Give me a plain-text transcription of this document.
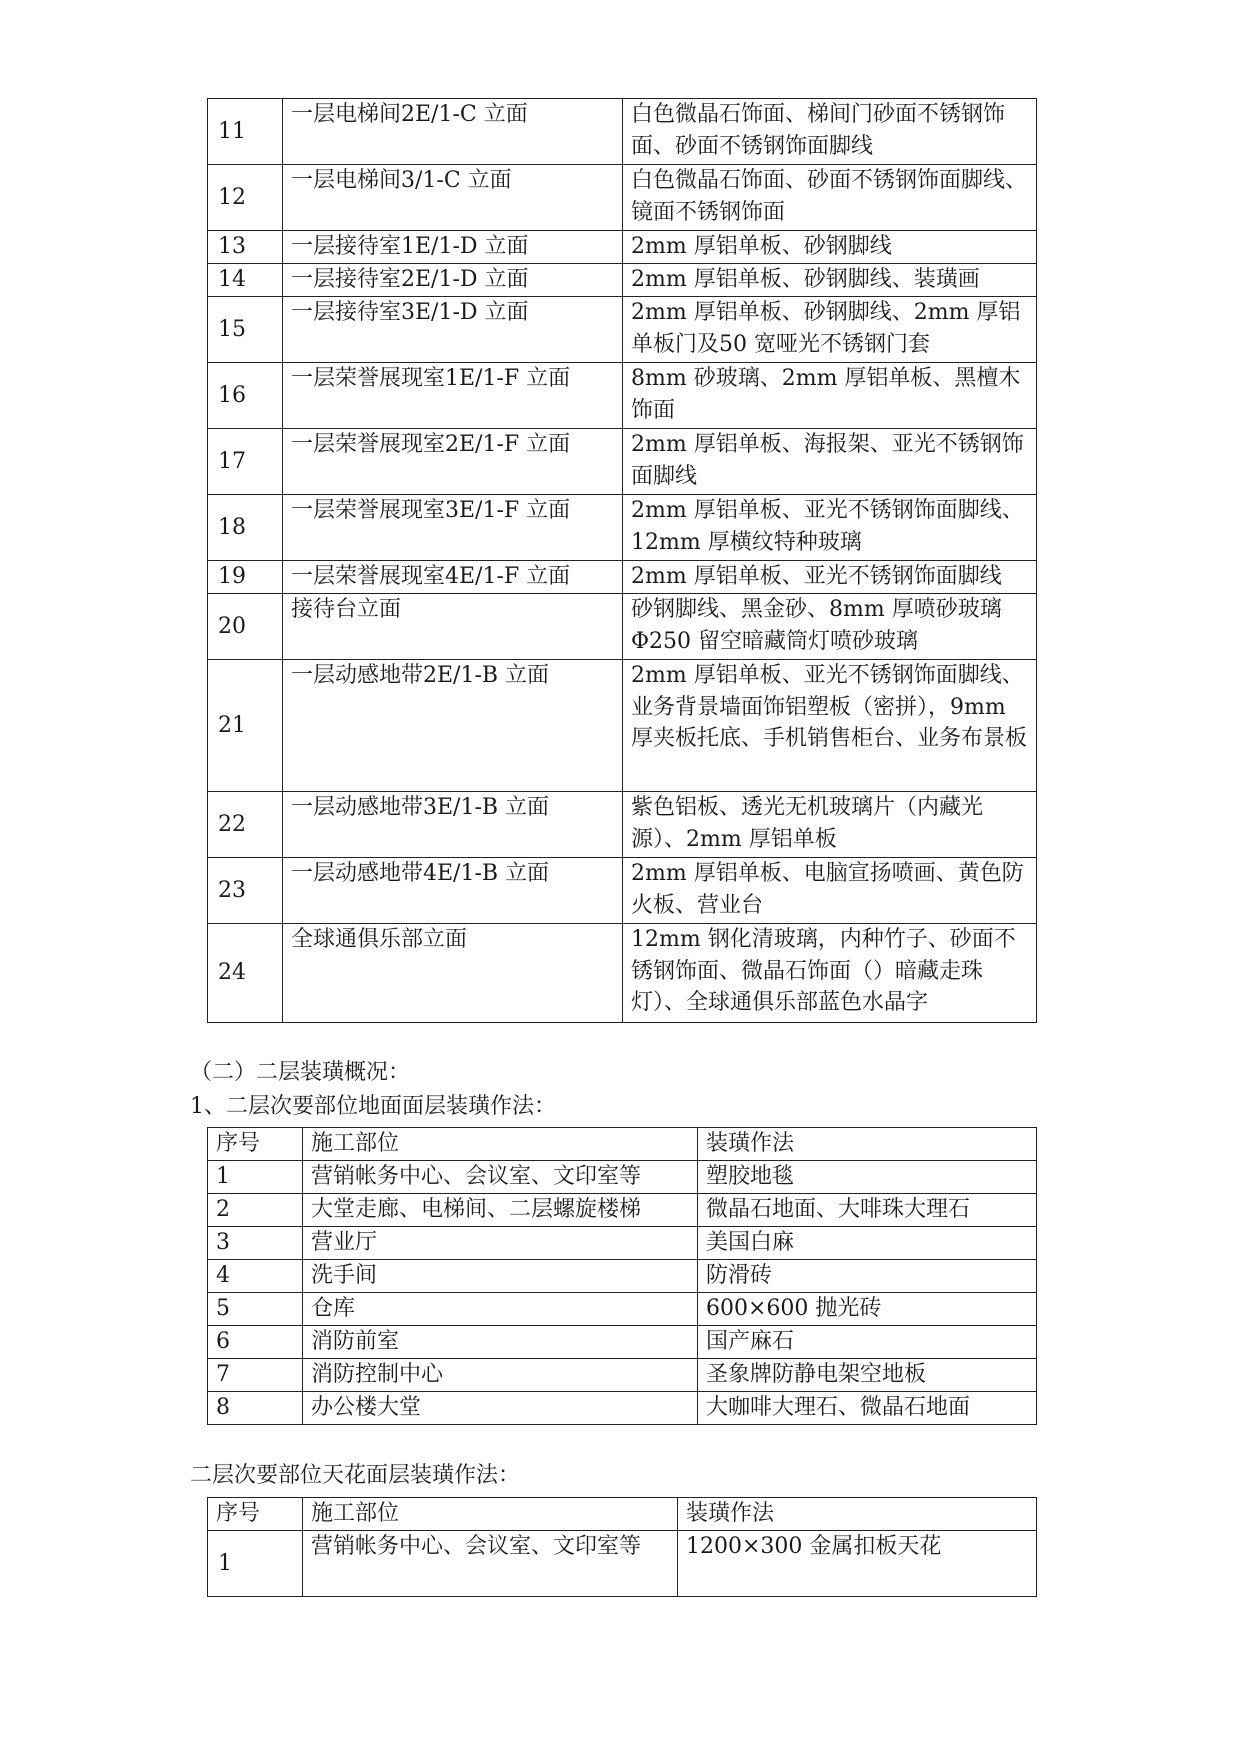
11	一层电梯间2E/1-C 立面	白色微晶石饰面、梯间门砂面不锈钢饰面、砂面不锈钢饰面脚线
12	一层电梯间3/1-C 立面	白色微晶石饰面、砂面不锈钢饰面脚线、镜面不锈钢饰面
13	一层接待室1E/1-D 立面	2mm 厚铝单板、砂钢脚线
14	一层接待室2E/1-D 立面	2mm 厚铝单板、砂钢脚线、装璜画
15	一层接待室3E/1-D 立面	2mm 厚铝单板、砂钢脚线、2mm 厚铝单板门及50 宽哑光不锈钢门套
16	一层荣誉展现室1E/1-F 立面	8mm 砂玻璃、2mm 厚铝单板、黑檀木饰面
17	一层荣誉展现室2E/1-F 立面	2mm 厚铝单板、海报架、亚光不锈钢饰面脚线
18	一层荣誉展现室3E/1-F 立面	2mm 厚铝单板、亚光不锈钢饰面脚线、12mm 厚横纹特种玻璃
19	一层荣誉展现室4E/1-F 立面	2mm 厚铝单板、亚光不锈钢饰面脚线
20	接待台立面	砂钢脚线、黑金砂、8mm 厚喷砂玻璃Φ250 留空暗藏筒灯喷砂玻璃
21	一层动感地带2E/1-B 立面	2mm 厚铝单板、亚光不锈钢饰面脚线、业务背景墙面饰铝塑板（密拼），9mm 厚夹板托底、手机销售柜台、业务布景板
22	一层动感地带3E/1-B 立面	紫色铝板、透光无机玻璃片（内藏光源）、2mm 厚铝单板
23	一层动感地带4E/1-B 立面	2mm 厚铝单板、电脑宣扬喷画、黄色防火板、营业台
24	全球通俱乐部立面	12mm 钢化清玻璃，内种竹子、砂面不锈钢饰面、微晶石饰面（）暗藏走珠灯）、全球通俱乐部蓝色水晶字
（二）二层装璜概况：
1、二层次要部位地面面层装璜作法：
序号	施工部位	装璜作法
1	营销帐务中心、会议室、文印室等	塑胶地毯
2	大堂走廊、电梯间、二层螺旋楼梯	微晶石地面、大啡珠大理石
3	营业厅	美国白麻
4	洗手间	防滑砖
5	仓库	600×600 抛光砖
6	消防前室	国产麻石
7	消防控制中心	圣象牌防静电架空地板
8	办公楼大堂	大咖啡大理石、微晶石地面
二层次要部位天花面层装璜作法：
序号	施工部位	装璜作法
1	营销帐务中心、会议室、文印室等	1200×300 金属扣板天花
